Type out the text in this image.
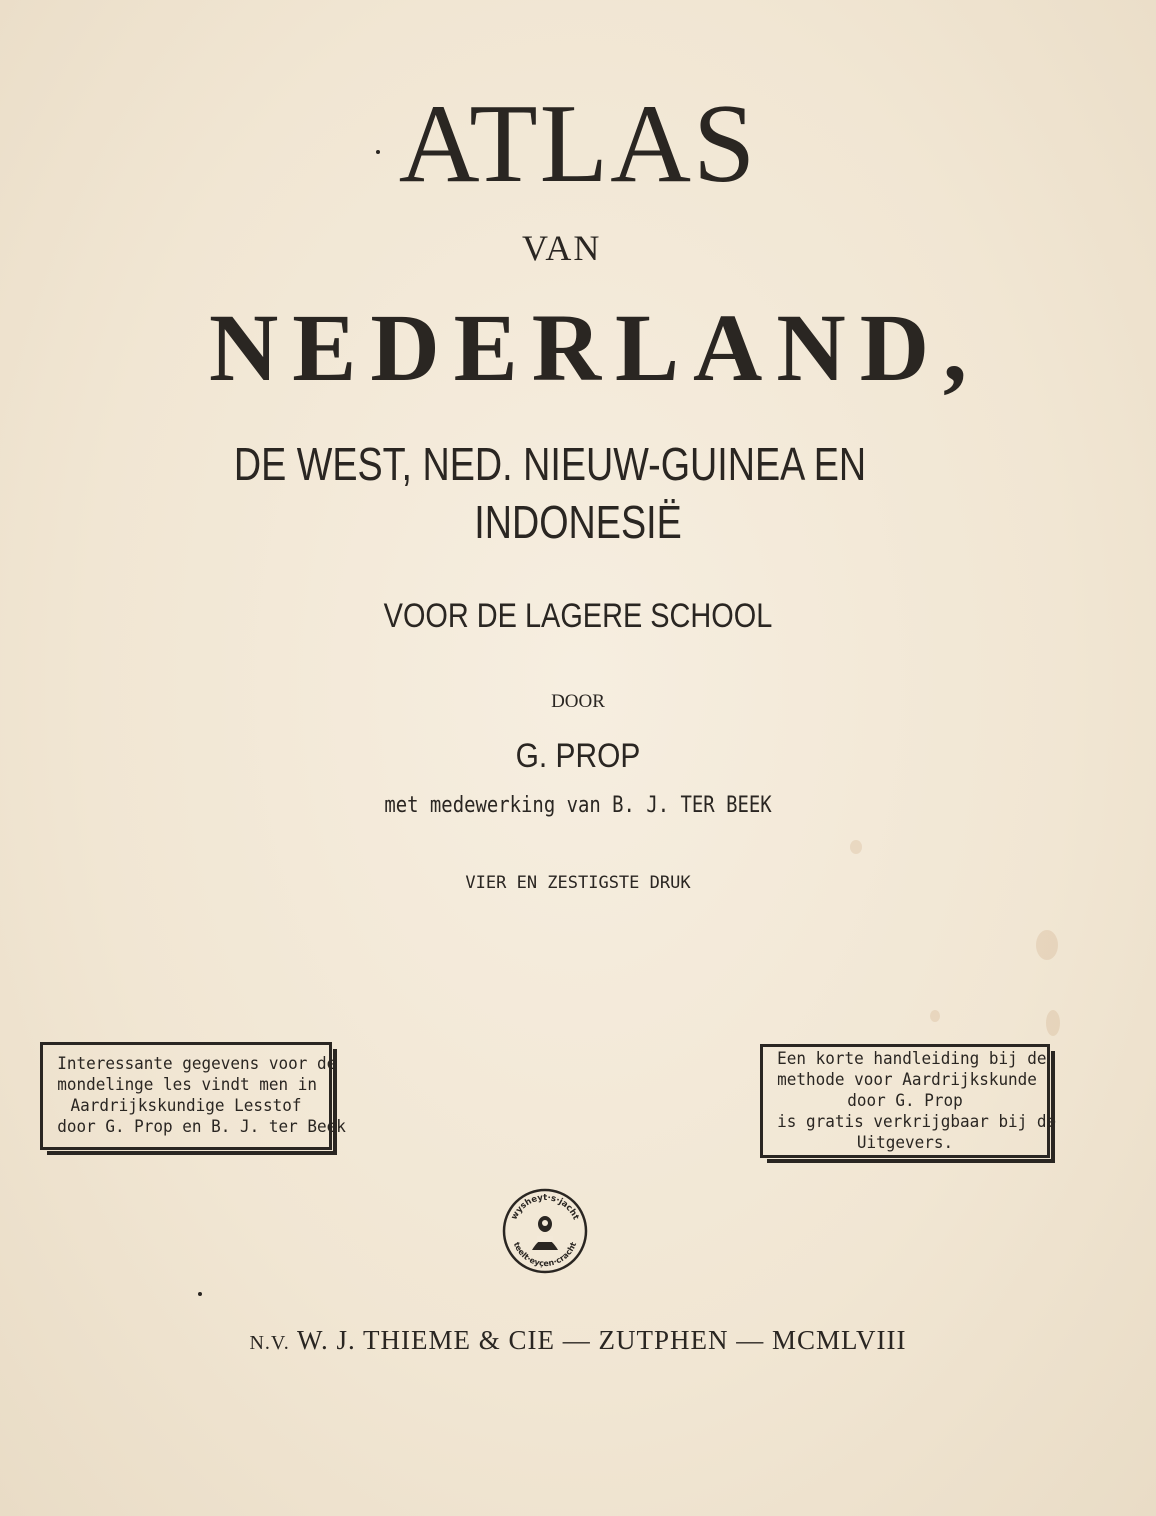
ATLAS
VAN
NEDERLAND,
DE WEST, NED. NIEUW-GUINEA EN
INDONESIË
VOOR DE LAGERE SCHOOL
DOOR
G. PROP
met medewerking van B. J. TER BEEK
VIER EN ZESTIGSTE DRUK
Interessante gegevens voor de
mondelinge les vindt men in
Aardrijkskundige Lesstof
door G. Prop en B. J. ter Beek
Een korte handleiding bij de
methode voor Aardrijkskunde
door G. Prop
is gratis verkrijgbaar bij de
Uitgevers.
wysheyt·s·jacht
teelt·eyçen·cracht
N.V. W. J. THIEME & CIE — ZUTPHEN — MCMLVIII
